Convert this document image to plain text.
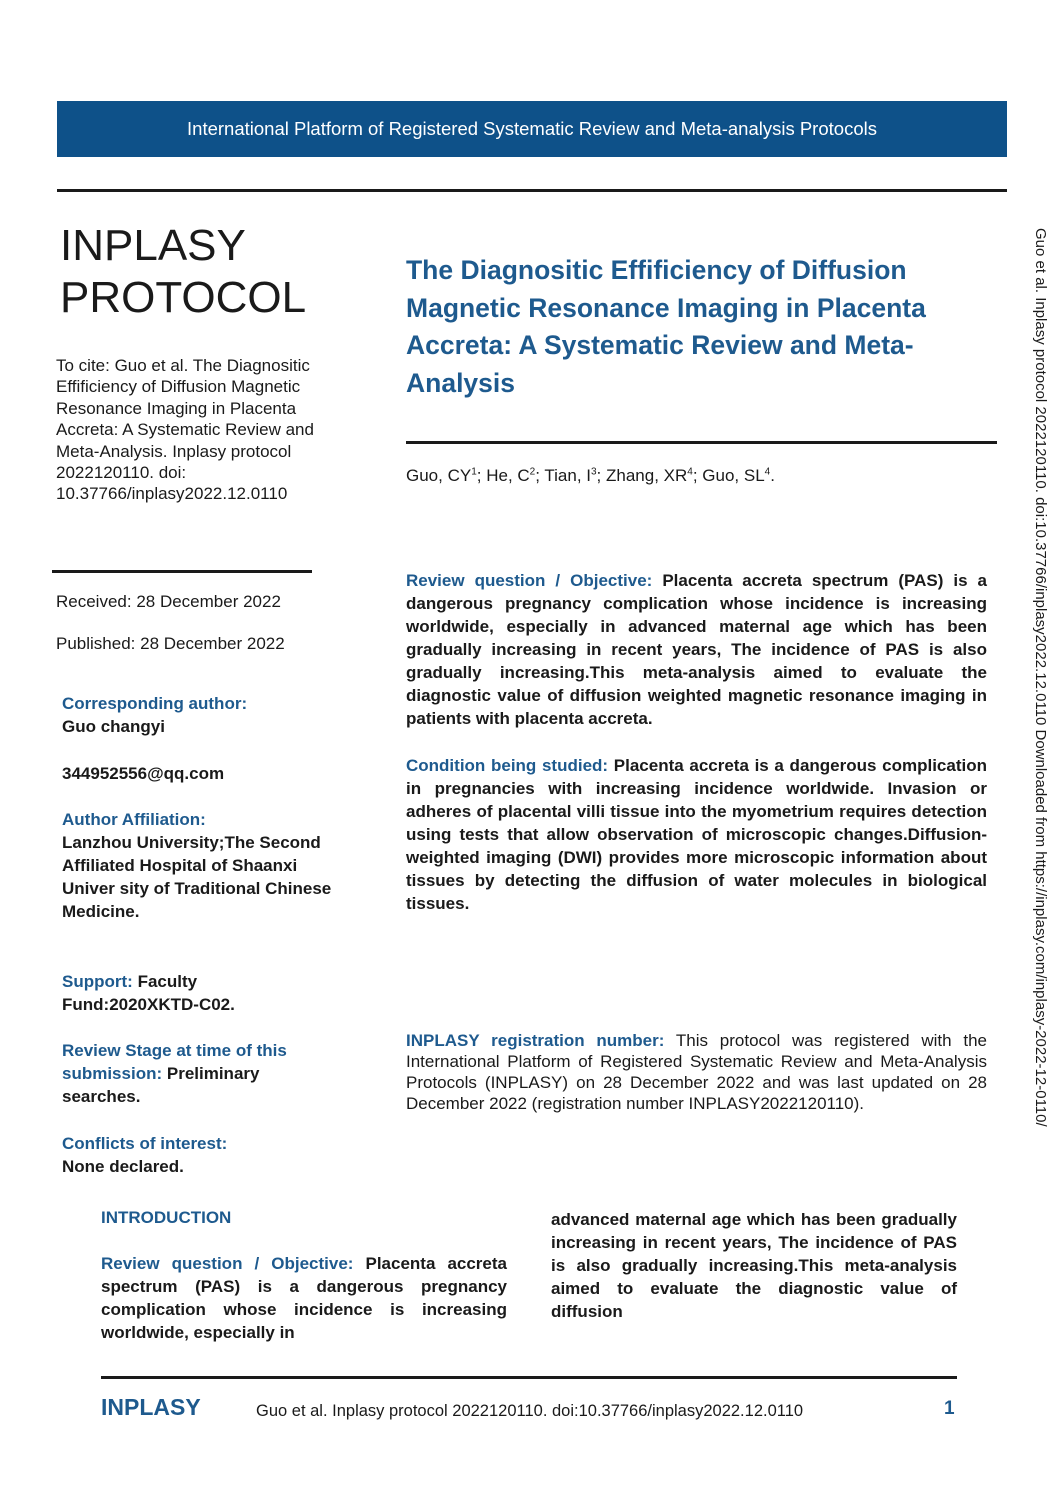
International Platform of Registered Systematic Review and Meta-analysis Protocols
INPLASY
PROTOCOL
To cite: Guo et al. The Diagnositic Effificiency of Diffusion Magnetic Resonance Imaging in Placenta Accreta: A Systematic Review and Meta-Analysis. Inplasy protocol 2022120110. doi: 10.37766/inplasy2022.12.0110
Received: 28 December 2022
Published: 28 December 2022
Corresponding author:
Guo changyi
344952556@qq.com
Author Affiliation:
Lanzhou University;The Second Affiliated Hospital of Shaanxi Univer sity of Traditional Chinese Medicine.
Support: Faculty Fund:2020XKTD-C02.
Review Stage at time of this submission: Preliminary searches.
Conflicts of interest:
None declared.
The Diagnositic Effificiency of Diffusion Magnetic Resonance Imaging in Placenta Accreta: A Systematic Review and Meta-Analysis
Guo, $CY^1$; He, $C^2$; Tian, $I^3$; Zhang, $XR^4$; Guo, $SL^4$.
Review question / Objective: Placenta accreta spectrum (PAS) is a dangerous pregnancy complication whose incidence is increasing worldwide, especially in advanced maternal age which has been gradually increasing in recent years, The incidence of PAS is also gradually increasing.This meta-analysis aimed to evaluate the diagnostic value of diffusion weighted magnetic resonance imaging in patients with placenta accreta.
Condition being studied: Placenta accreta is a dangerous complication in pregnancies with increasing incidence worldwide. Invasion or adheres of placental villi tissue into the myometrium requires detection using tests that allow observation of microscopic changes.Diffusion-weighted imaging (DWI) provides more microscopic information about tissues by detecting the diffusion of water molecules in biological tissues.
INPLASY registration number: This protocol was registered with the International Platform of Registered Systematic Review and Meta-Analysis Protocols (INPLASY) on 28 December 2022 and was last updated on 28 December 2022 (registration number INPLASY2022120110).
INTRODUCTION
Review question / Objective: Placenta accreta spectrum (PAS) is a dangerous pregnancy complication whose incidence is increasing worldwide, especially in
advanced maternal age which has been gradually increasing in recent years, The incidence of PAS is also gradually increasing.This meta-analysis aimed to evaluate the diagnostic value of diffusion
INPLASY	Guo et al. Inplasy protocol 2022120110. doi:10.37766/inplasy2022.12.0110	1
Guo et al. Inplasy protocol 2022120110. doi:10.37766/inplasy2022.12.0110 Downloaded from https://inplasy.com/inplasy-2022-12-0110/
